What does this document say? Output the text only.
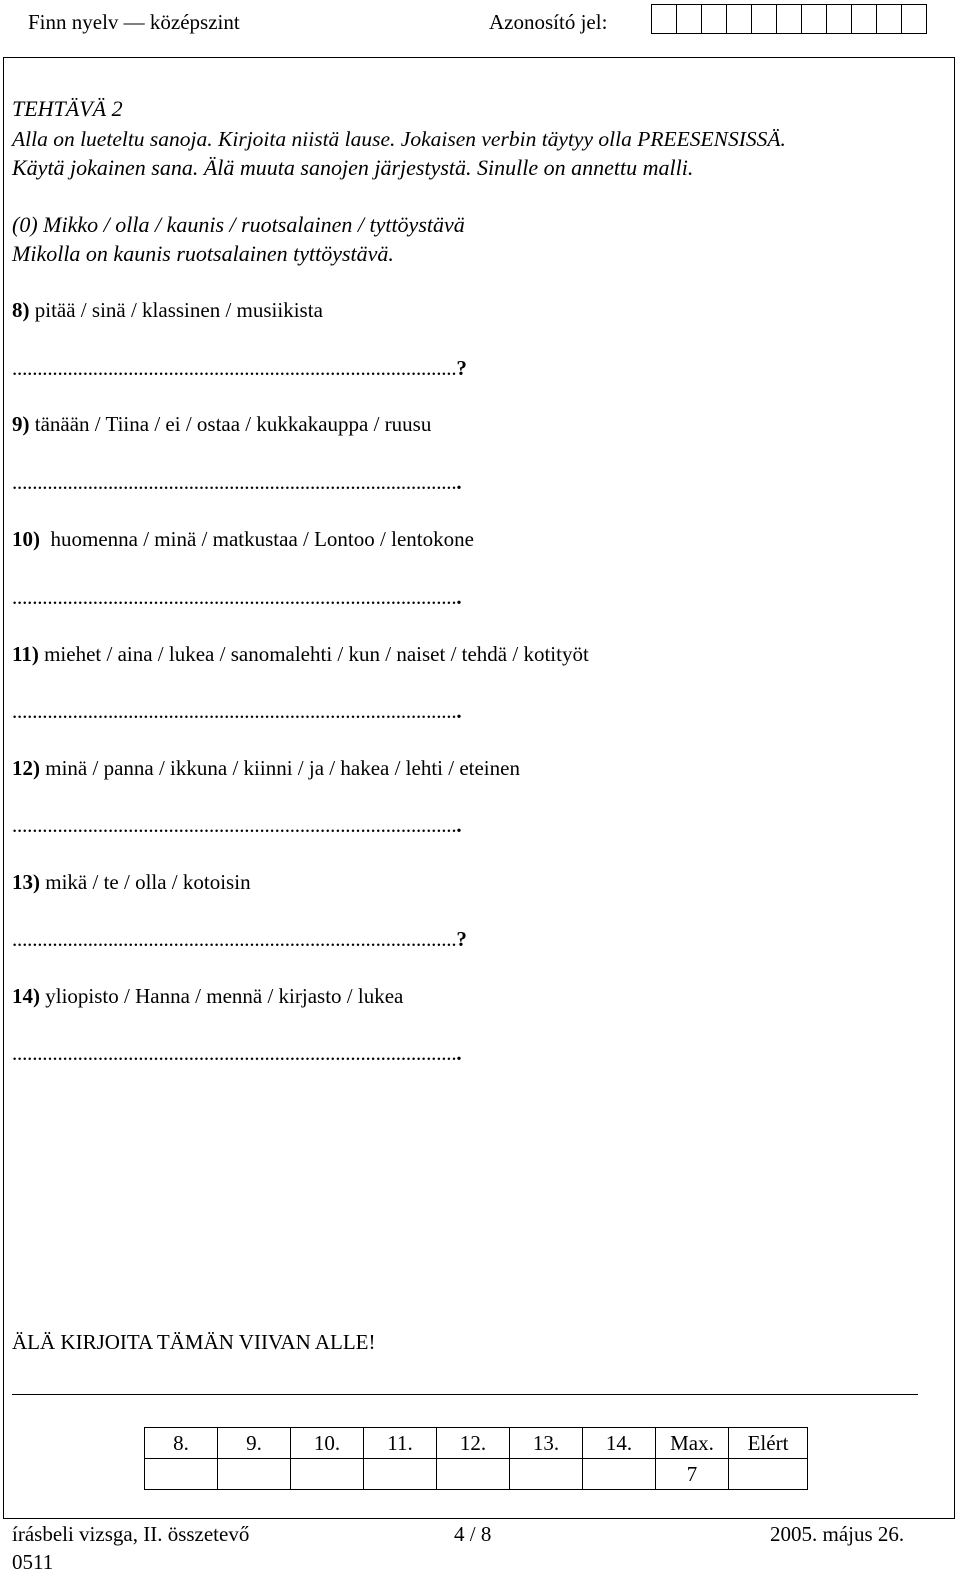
Finn nyelv — középszint	Azonosító jel:
TEHTÄVÄ 2
Alla on lueteltu sanoja. Kirjoita niistä lause. Jokaisen verbin täytyy olla PREESENSISSÄ.
Käytä jokainen sana. Älä muuta sanojen järjestystä. Sinulle on annettu malli.
(0) Mikko / olla / kaunis / ruotsalainen / tyttöystävä
Mikolla on kaunis ruotsalainen tyttöystävä.
8) pitää / sinä / klassinen / musiikista
........................................................................................?
9) tänään / Tiina / ei / ostaa / kukkakauppa / ruusu
.........................................................................................
10) huomenna / minä / matkustaa / Lontoo / lentokone
.........................................................................................
11) miehet / aina / lukea / sanomalehti / kun / naiset / tehdä / kotityöt
.........................................................................................
12) minä / panna / ikkuna / kiinni / ja / hakea / lehti / eteinen
.........................................................................................
13) mikä / te / olla / kotoisin
........................................................................................?
14) yliopisto / Hanna / mennä / kirjasto / lukea
.........................................................................................
ÄLÄ KIRJOITA TÄMÄN VIIVAN ALLE!
8.	9.	10.	11.	12.	13.	14.	Max.	Elért
							7	
írásbeli vizsga, II. összetevő	4 / 8	2005. május 26.
0511
